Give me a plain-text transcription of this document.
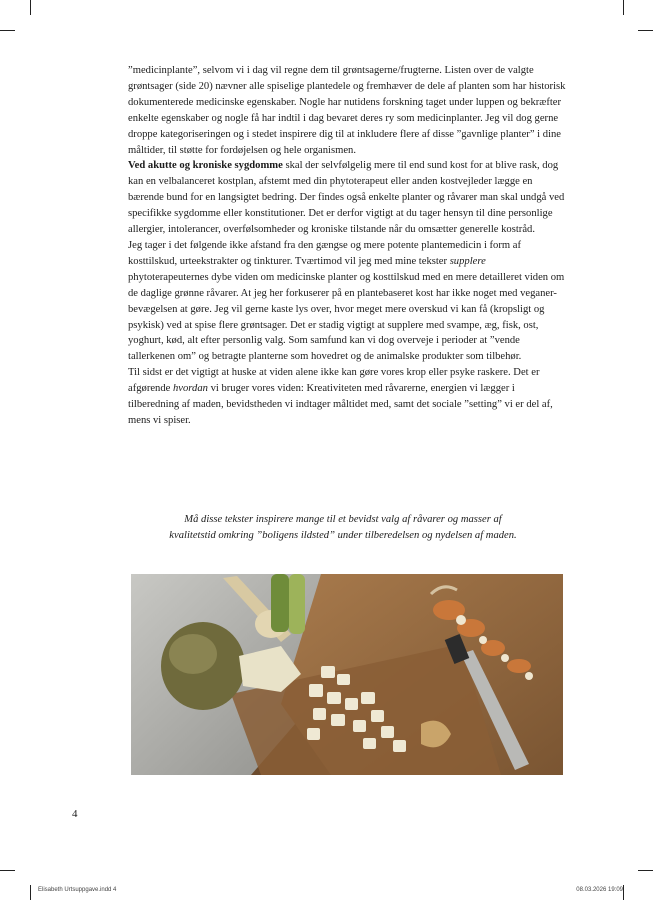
”medicinplante”, selvom vi i dag vil regne dem til grøntsagerne/frugterne. Listen over de valgte grøntsager (side 20) nævner alle spiselige plantedele og fremhæver de dele af planten som har historisk dokumenterede medicinske egenskaber. Nogle har nutidens forskning taget under luppen og bekræfter enkelte egenskaber og nogle få har indtil i dag bevaret deres ry som medicinplanter. Jeg vil dog gerne droppe kategoriseringen og i stedet inspirere dig til at inkludere flere af disse ”gavnlige planter” i dine måltider, til støtte for fordøjelsen og hele organismen.

Ved akutte og kroniske sygdomme skal der selvfølgelig mere til end sund kost for at blive rask, dog kan en velbalanceret kostplan, afstemt med din phytoterapeut eller anden kostvejleder lægge en bærende bund for en langsigtet bedring. Der findes også enkelte planter og råvarer man skal undgå ved specifikke sygdomme eller konstitutioner. Det er derfor vigtigt at du tager hensyn til dine personlige allergier, intolerancer, overfølsomheder og kroniske tilstande når du omsætter generelle kostråd.

Jeg tager i det følgende ikke afstand fra den gængse og mere potente plantemedicin i form af kosttilskud, urteekstrakter og tinkturer. Tværtimod vil jeg med mine tekster supplere phytoterapeuternes dybe viden om medicinske planter og kosttilskud med en mere detailleret viden om de daglige grønne råvarer. At jeg her forkuserer på en plantebaseret kost har ikke noget med veganer-bevægelsen at gøre. Jeg vil gerne kaste lys over, hvor meget mere overskud vi kan få (kropsligt og psykisk) ved at spise flere grøntsager. Det er stadig vigtigt at supplere med svampe, æg, fisk, ost, yoghurt, kød, alt efter personlig valg. Som samfund kan vi dog overveje i perioder at ”vende tallerkenen om” og betragte planterne som hovedret og de animalske produkter som tilbehør.

Til sidst er det vigtigt at huske at viden alene ikke kan gøre vores krop eller psyke raskere. Det er afgørende hvordan vi bruger vores viden: Kreativiteten med råvarerne, energien vi lægger i tilberedning af maden, bevidstheden vi indtager måltidet med, samt det sociale ”setting” vi er del af, mens vi spiser.

Må disse tekster inspirere mange til et bevidst valg af råvarer og masser af

kvalitetstid omkring ”boligens ildsted” under tilberedelsen og nydelsen af maden.

4
Elisabeth Urtsuppgave.indd 4	08.03.2026 19:09
